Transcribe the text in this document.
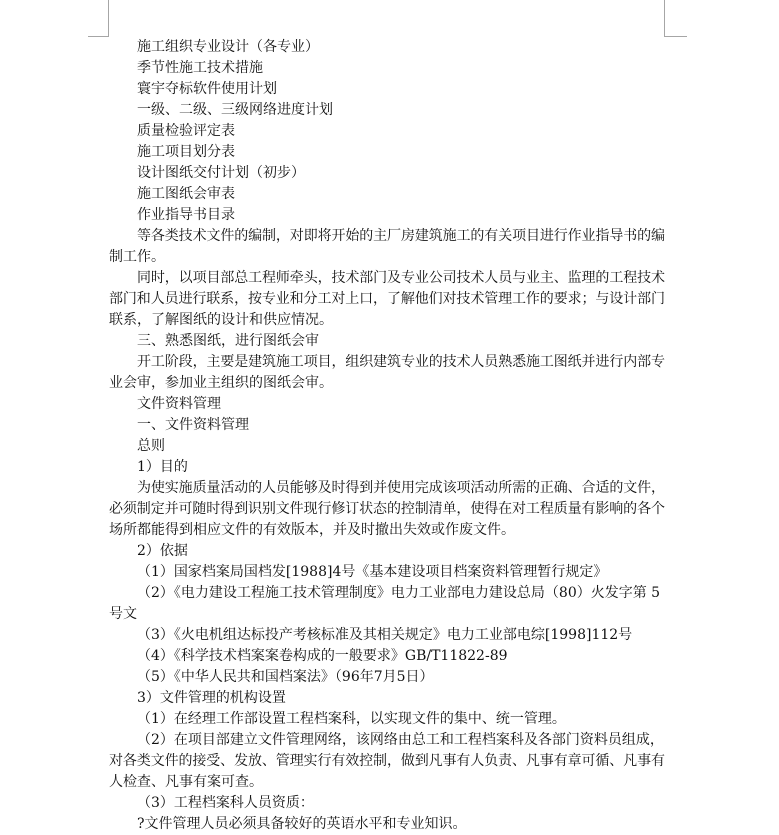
施工组织专业设计（各专业）
季节性施工技术措施
寰宇夺标软件使用计划
一级、二级、三级网络进度计划
质量检验评定表
施工项目划分表
设计图纸交付计划（初步）
施工图纸会审表
作业指导书目录
等各类技术文件的编制，对即将开始的主厂房建筑施工的有关项目进行作业指导书的编
制工作。
同时，以项目部总工程师牵头，技术部门及专业公司技术人员与业主、监理的工程技术
部门和人员进行联系，按专业和分工对上口，了解他们对技术管理工作的要求；与设计部门
联系，了解图纸的设计和供应情况。
三、熟悉图纸，进行图纸会审
开工阶段，主要是建筑施工项目，组织建筑专业的技术人员熟悉施工图纸并进行内部专
业会审，参加业主组织的图纸会审。
文件资料管理
一、文件资料管理
总则
1）目的
为使实施质量活动的人员能够及时得到并使用完成该项活动所需的正确、合适的文件，
必须制定并可随时得到识别文件现行修订状态的控制清单，使得在对工程质量有影响的各个
场所都能得到相应文件的有效版本，并及时撤出失效或作废文件。
2）依据
（1）国家档案局国档发[1988]4号《基本建设项目档案资料管理暂行规定》
（2）《电力建设工程施工技术管理制度》电力工业部电力建设总局（80）火发字第 5
号文
（3）《火电机组达标投产考核标准及其相关规定》电力工业部电综[1998]112号
（4）《科学技术档案案卷构成的一般要求》GB/T11822-89
（5）《中华人民共和国档案法》（96年7月5日）
3）文件管理的机构设置
（1）在经理工作部设置工程档案科，以实现文件的集中、统一管理。
（2）在项目部建立文件管理网络，该网络由总工和工程档案科及各部门资料员组成，
对各类文件的接受、发放、管理实行有效控制，做到凡事有人负责、凡事有章可循、凡事有
人检查、凡事有案可查。
（3）工程档案科人员资质：
?文件管理人员必须具备较好的英语水平和专业知识。
